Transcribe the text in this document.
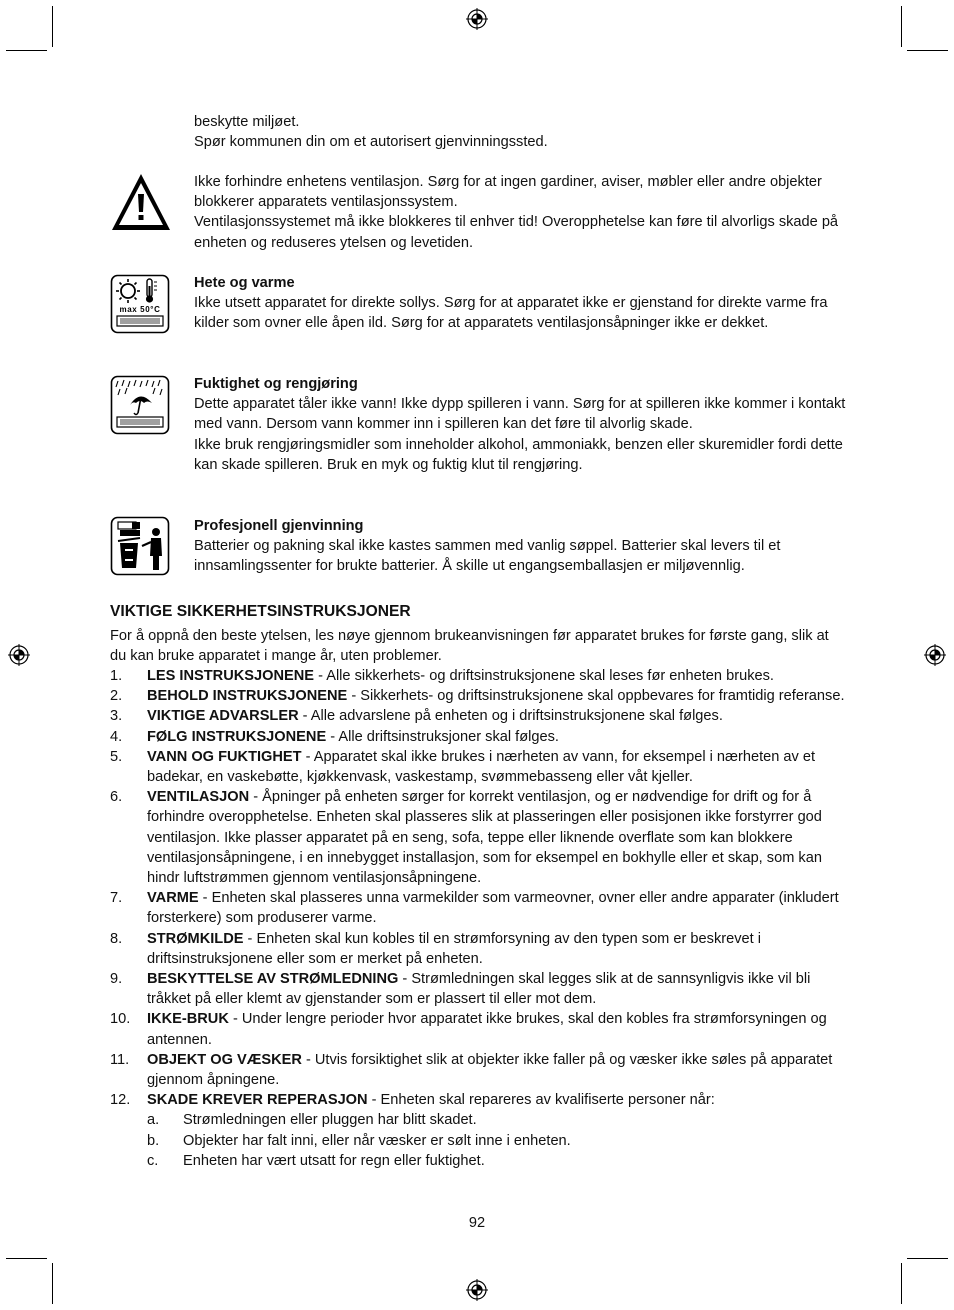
beskytte miljøet.

Spør kommunen din om et autorisert gjenvinningssted.

Ikke forhindre enhetens ventilasjon. Sørg for at ingen gardiner, aviser, møbler eller andre objekter blokkerer apparatets ventilasjonssystem.

Ventilasjonssystemet må ikke blokkeres til enhver tid! Overopphetelse kan føre til alvorligs skade på enheten og reduseres ytelsen og levetiden.

max 50°C

Hete og varme

Ikke utsett apparatet for direkte sollys. Sørg for at apparatet ikke er gjenstand for direkte varme fra kilder som ovner elle åpen ild. Sørg for at apparatets ventilasjonsåpninger ikke er dekket.

Fuktighet og rengjøring

Dette apparatet tåler ikke vann! Ikke dypp spilleren i vann. Sørg for at spilleren ikke kommer i kontakt med vann. Dersom vann kommer inn i spilleren kan det føre til alvorlig skade.

Ikke bruk rengjøringsmidler som inneholder alkohol, ammoniakk, benzen eller skuremidler fordi dette kan skade spilleren. Bruk en myk og fuktig klut til rengjøring.

Profesjonell gjenvinning

Batterier og pakning skal ikke kastes sammen med vanlig søppel. Batterier skal levers til et innsamlingssenter for brukte batterier. Å skille ut engangsemballasjen er miljøvennlig.

VIKTIGE SIKKERHETSINSTRUKSJONER
For å oppnå den beste ytelsen, les nøye gjennom brukeanvisningen før apparatet brukes for første gang, slik at du kan bruke apparatet i mange år, uten problemer.
1. LES INSTRUKSJONENE - Alle sikkerhets- og driftsinstruksjonene skal leses før enheten brukes.
2. BEHOLD INSTRUKSJONENE - Sikkerhets- og driftsinstruksjonene skal oppbevares for framtidig referanse.
3. VIKTIGE ADVARSLER - Alle advarslene på enheten og i driftsinstruksjonene skal følges.
4. FØLG INSTRUKSJONENE - Alle driftsinstruksjoner skal følges.
5. VANN OG FUKTIGHET - Apparatet skal ikke brukes i nærheten av vann, for eksempel i nærheten av et badekar, en vaskebøtte, kjøkkenvask, vaskestamp, svømmebasseng eller våt kjeller.
6. VENTILASJON - Åpninger på enheten sørger for korrekt ventilasjon, og er nødvendige for drift og for å forhindre overopphetelse. Enheten skal plasseres slik at plasseringen eller posisjonen ikke forstyrrer god ventilasjon. Ikke plasser apparatet på en seng, sofa, teppe eller liknende overflate som kan blokkere ventilasjonsåpningene, i en innebygget installasjon, som for eksempel en bokhylle eller et skap, som kan hindr luftstrømmen gjennom ventilasjonsåpningene.
7. VARME - Enheten skal plasseres unna varmekilder som varmeovner, ovner eller andre apparater (inkludert forsterkere) som produserer varme.
8. STRØMKILDE - Enheten skal kun kobles til en strømforsyning av den typen som er beskrevet i driftsinstruksjonene eller som er merket på enheten.
9. BESKYTTELSE AV STRØMLEDNING - Strømledningen skal legges slik at de sannsynligvis ikke vil bli tråkket på eller klemt av gjenstander som er plassert til eller mot dem.
10. IKKE-BRUK - Under lengre perioder hvor apparatet ikke brukes, skal den kobles fra strømforsyningen og antennen.
11. OBJEKT OG VÆSKER - Utvis forsiktighet slik at objekter ikke faller på og væsker ikke søles på apparatet gjennom åpningene.
12. SKADE KREVER REPERASJON - Enheten skal repareres av kvalifiserte personer når:
a. Strømledningen eller pluggen har blitt skadet.
b. Objekter har falt inni, eller når væsker er sølt inne i enheten.
c. Enheten har vært utsatt for regn eller fuktighet.
92
